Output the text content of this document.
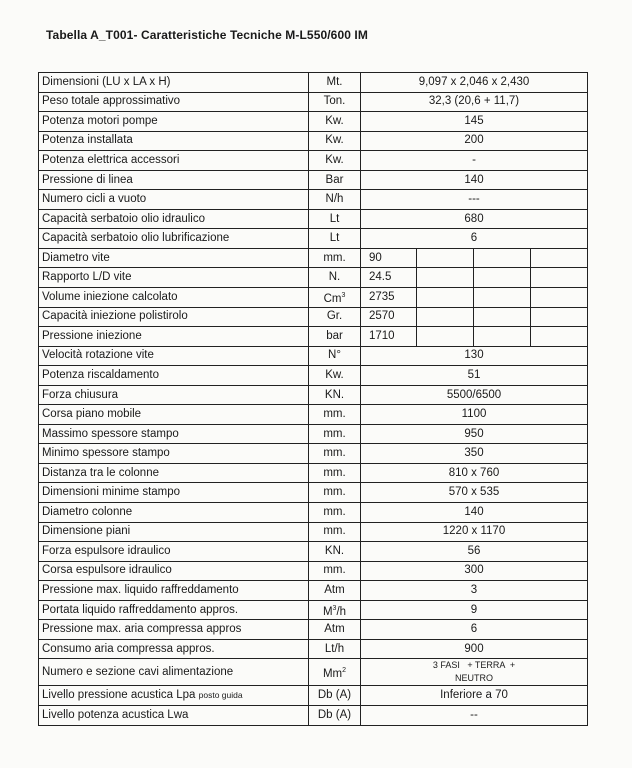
Tabella A_T001- Caratteristiche Tecniche M-L550/600 IM
Dimensioni (LU x LA x H)	Mt.	9,097 x 2,046 x 2,430			
Peso totale approssimativo	Ton.	32,3 (20,6 + 11,7)			
Potenza motori pompe	Kw.	145			
Potenza installata	Kw.	200			
Potenza elettrica accessori	Kw.	-			
Pressione di linea	Bar	140			
Numero cicli a vuoto	N/h	---			
Capacità serbatoio olio idraulico	Lt	680			
Capacità serbatoio olio lubrificazione	Lt	6			
Diametro vite	mm.	90			
Rapporto L/D vite	N.	24.5			
Volume iniezione calcolato	Cm$^3$	2735			
Capacità iniezione polistirolo	Gr.	2570			
Pressione iniezione	bar	1710			
Velocità rotazione vite	N°	130			
Potenza riscaldamento	Kw.	51			
Forza chiusura	KN.	5500/6500			
Corsa piano mobile	mm.	1100			
Massimo spessore stampo	mm.	950			
Minimo spessore stampo	mm.	350			
Distanza tra le colonne	mm.	810 x 760			
Dimensioni minime stampo	mm.	570 x 535			
Diametro colonne	mm.	140			
Dimensione piani	mm.	1220 x 1170			
Forza espulsore idraulico	KN.	56			
Corsa espulsore idraulico	mm.	300			
Pressione max. liquido raffreddamento	Atm	3			
Portata liquido raffreddamento appros.	$M^3/h$	9			
Pressione max. aria compressa appros	Atm	6			
Consumo aria compressa appros.	Lt/h	900			
Numero e sezione cavi alimentazione	Mm$^2$	3 FASI   + TERRA  +
NEUTRO			

Livello pressione acustica Lpa posto guida	Db (A)	Inferiore a 70			
Livello potenza acustica Lwa	Db (A)	--			
